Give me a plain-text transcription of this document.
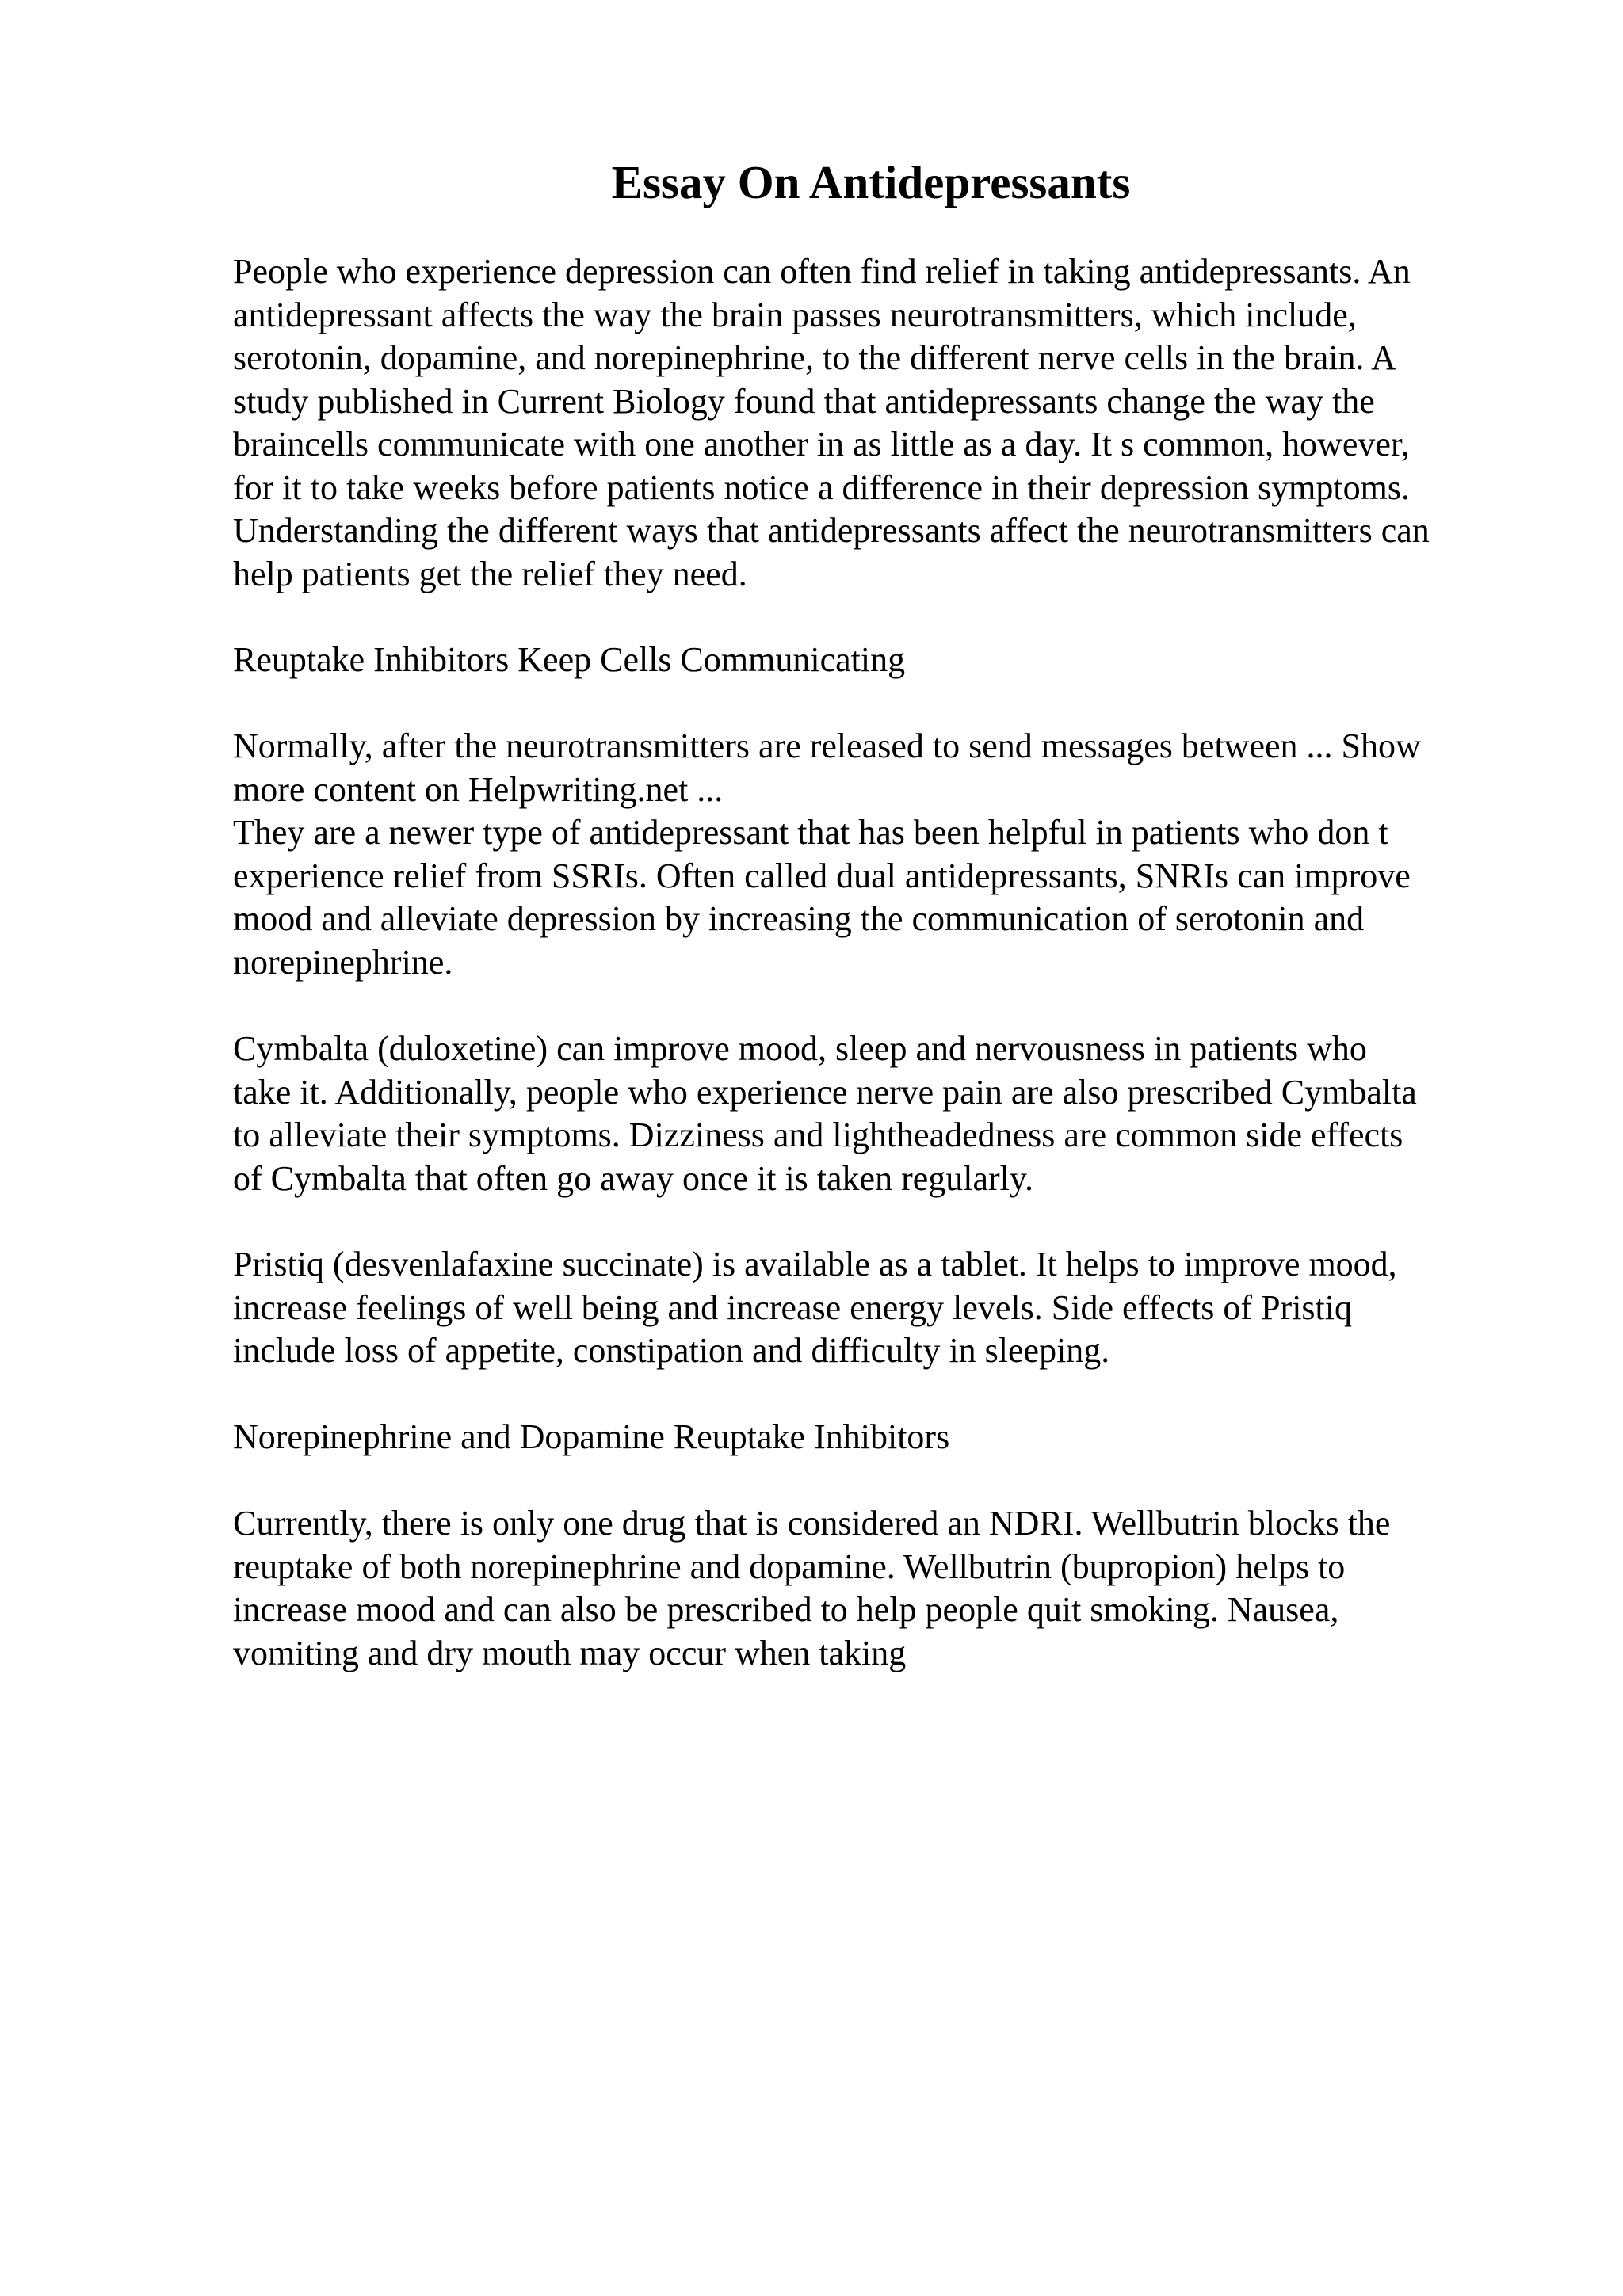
Essay On Antidepressants

People who experience depression can often find relief in taking antidepressants. An
antidepressant affects the way the brain passes neurotransmitters, which include,
serotonin, dopamine, and norepinephrine, to the different nerve cells in the brain. A
study published in Current Biology found that antidepressants change the way the
braincells communicate with one another in as little as a day. It s common, however,
for it to take weeks before patients notice a difference in their depression symptoms.
Understanding the different ways that antidepressants affect the neurotransmitters can
help patients get the relief they need.

Reuptake Inhibitors Keep Cells Communicating

Normally, after the neurotransmitters are released to send messages between ... Show
more content on Helpwriting.net ...
They are a newer type of antidepressant that has been helpful in patients who don t
experience relief from SSRIs. Often called dual antidepressants, SNRIs can improve
mood and alleviate depression by increasing the communication of serotonin and
norepinephrine.

Cymbalta (duloxetine) can improve mood, sleep and nervousness in patients who
take it. Additionally, people who experience nerve pain are also prescribed Cymbalta
to alleviate their symptoms. Dizziness and lightheadedness are common side effects
of Cymbalta that often go away once it is taken regularly.

Pristiq (desvenlafaxine succinate) is available as a tablet. It helps to improve mood,
increase feelings of well being and increase energy levels. Side effects of Pristiq
include loss of appetite, constipation and difficulty in sleeping.

Norepinephrine and Dopamine Reuptake Inhibitors

Currently, there is only one drug that is considered an NDRI. Wellbutrin blocks the
reuptake of both norepinephrine and dopamine. Wellbutrin (bupropion) helps to
increase mood and can also be prescribed to help people quit smoking. Nausea,
vomiting and dry mouth may occur when taking
